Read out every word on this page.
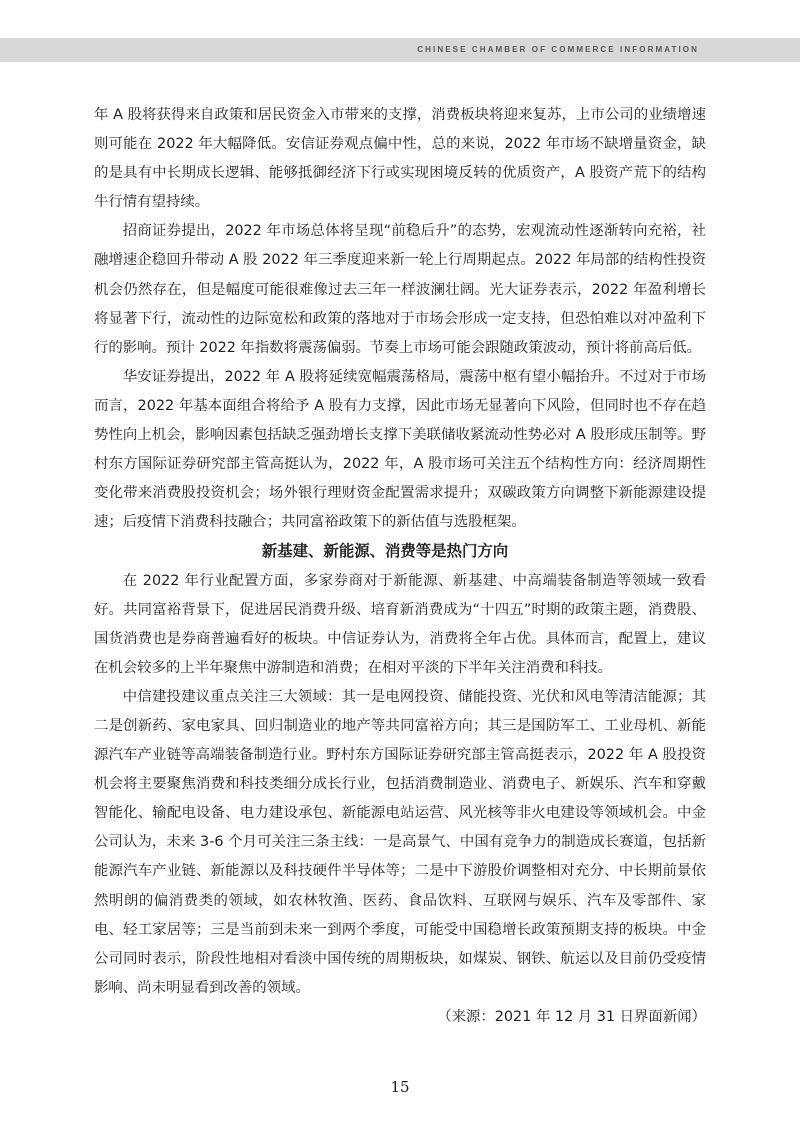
CHINESE CHAMBER OF COMMERCE INFORMATION

年 A 股将获得来自政策和居民资金入市带来的支撑，消费板块将迎来复苏，上市公司的业绩增速则可能在 2022 年大幅降低。安信证券观点偏中性，总的来说，2022 年市场不缺增量资金，缺的是具有中长期成长逻辑、能够抵御经济下行或实现困境反转的优质资产，A 股资产荒下的结构牛行情有望持续。

招商证券提出，2022 年市场总体将呈现“前稳后升”的态势，宏观流动性逐渐转向充裕，社融增速企稳回升带动 A 股 2022 年三季度迎来新一轮上行周期起点。2022 年局部的结构性投资机会仍然存在，但是幅度可能很难像过去三年一样波澜壮阔。光大证券表示，2022 年盈利增长将显著下行，流动性的边际宽松和政策的落地对于市场会形成一定支持，但恐怕难以对冲盈利下行的影响。预计 2022 年指数将震荡偏弱。节奏上市场可能会跟随政策波动，预计将前高后低。

华安证券提出，2022 年 A 股将延续宽幅震荡格局，震荡中枢有望小幅抬升。不过对于市场而言，2022 年基本面组合将给予 A 股有力支撑，因此市场无显著向下风险，但同时也不存在趋势性向上机会，影响因素包括缺乏强劲增长支撑下美联储收紧流动性势必对 A 股形成压制等。野村东方国际证券研究部主管高挺认为，2022 年，A 股市场可关注五个结构性方向：经济周期性变化带来消费股投资机会；场外银行理财资金配置需求提升；双碳政策方向调整下新能源建设提速；后疫情下消费科技融合；共同富裕政策下的新估值与选股框架。

新基建、新能源、消费等是热门方向

在 2022 年行业配置方面，多家券商对于新能源、新基建、中高端装备制造等领域一致看好。共同富裕背景下，促进居民消费升级、培育新消费成为“十四五”时期的政策主题，消费股、国货消费也是券商普遍看好的板块。中信证券认为，消费将全年占优。具体而言，配置上，建议在机会较多的上半年聚焦中游制造和消费；在相对平淡的下半年关注消费和科技。

中信建投建议重点关注三大领域：其一是电网投资、储能投资、光伏和风电等清洁能源；其二是创新药、家电家具、回归制造业的地产等共同富裕方向；其三是国防军工、工业母机、新能源汽车产业链等高端装备制造行业。野村东方国际证券研究部主管高挺表示，2022 年 A 股投资机会将主要聚焦消费和科技类细分成长行业，包括消费制造业、消费电子、新娱乐、汽车和穿戴智能化、输配电设备、电力建设承包、新能源电站运营、风光核等非火电建设等领域机会。中金公司认为，未来 3-6 个月可关注三条主线：一是高景气、中国有竞争力的制造成长赛道，包括新能源汽车产业链、新能源以及科技硬件半导体等；二是中下游股价调整相对充分、中长期前景依然明朗的偏消费类的领域，如农林牧渔、医药、食品饮料、互联网与娱乐、汽车及零部件、家电、轻工家居等；三是当前到未来一到两个季度，可能受中国稳增长政策预期支持的板块。中金公司同时表示，阶段性地相对看淡中国传统的周期板块，如煤炭、钢铁、航运以及目前仍受疫情影响、尚未明显看到改善的领域。

（来源：2021 年 12 月 31 日界面新闻）

15
